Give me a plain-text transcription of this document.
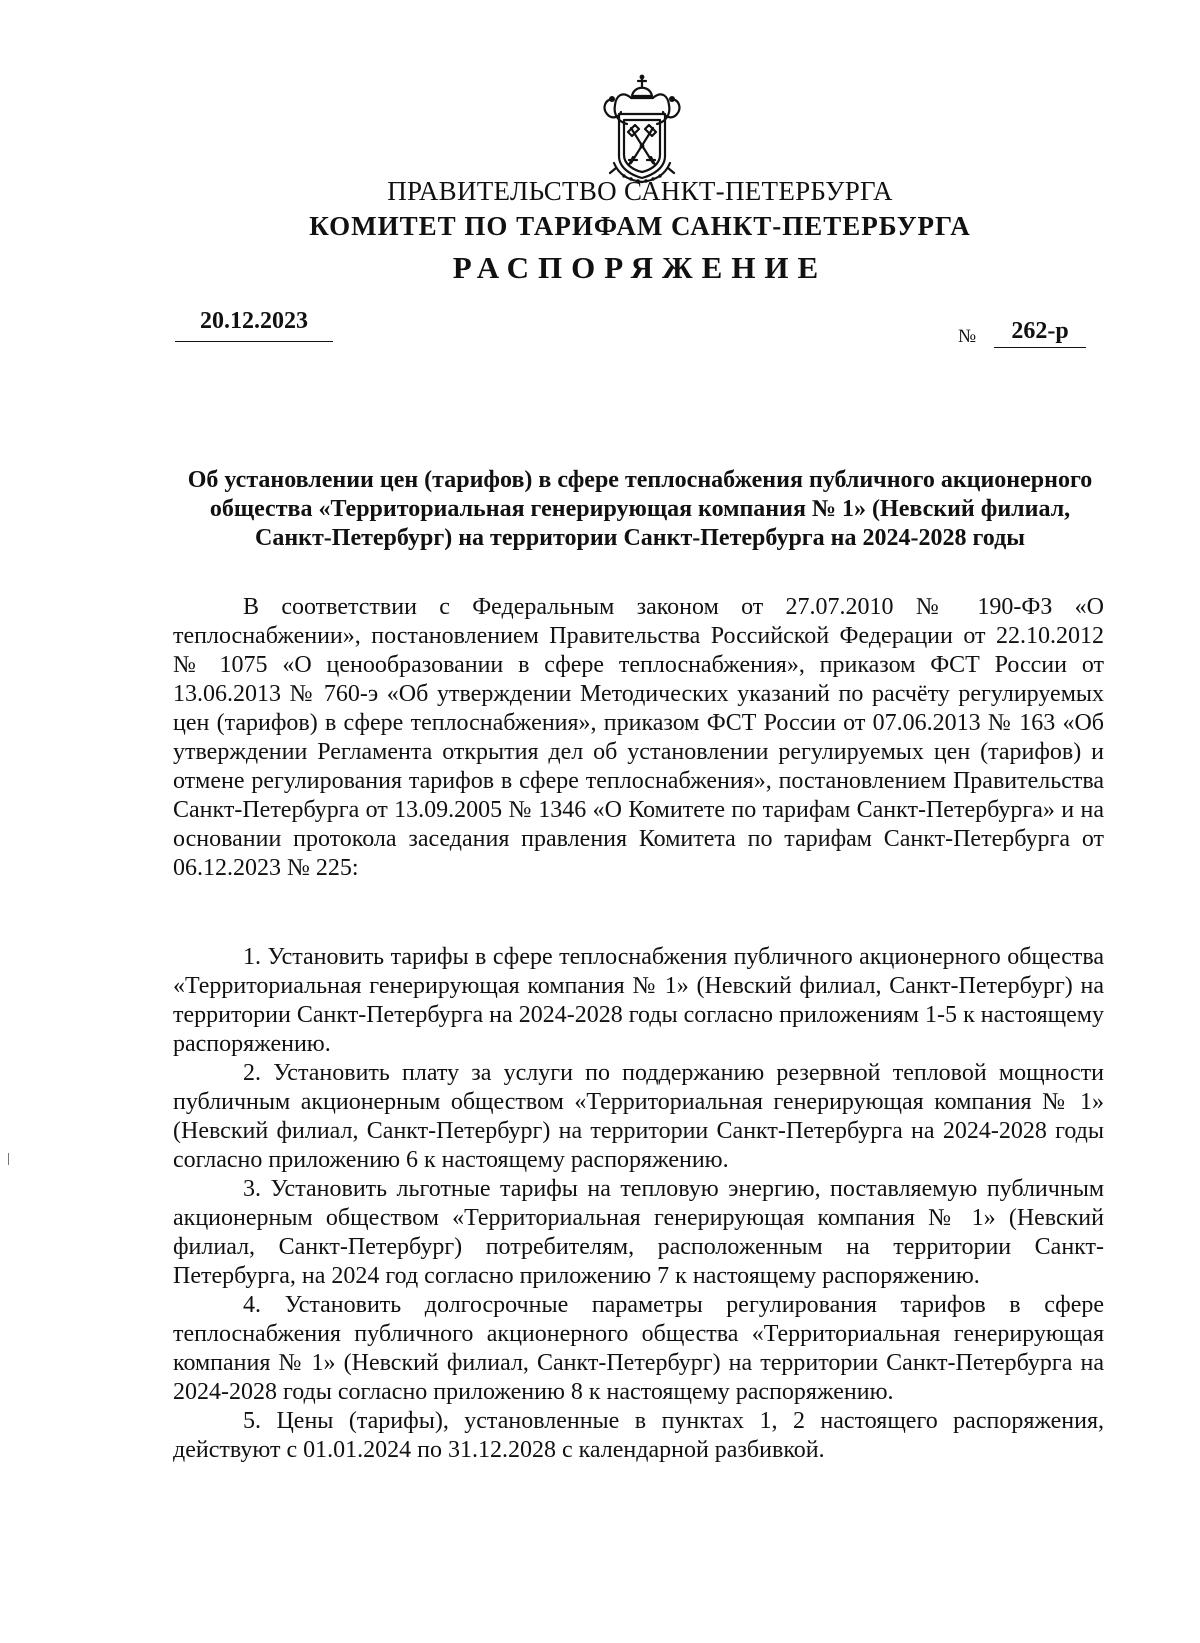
ПРАВИТЕЛЬСТВО САНКТ-ПЕТЕРБУРГА
КОМИТЕТ ПО ТАРИФАМ САНКТ-ПЕТЕРБУРГА
РАСПОРЯЖЕНИЕ
20.12.2023
№	262-р
Об установлении цен (тарифов) в сфере теплоснабжения публичного акционерного общества «Территориальная генерирующая компания № 1» (Невский филиал, Санкт-Петербург) на территории Санкт-Петербурга на 2024-2028 годы

В соответствии с Федеральным законом от 27.07.2010 № 190-ФЗ «О теплоснабжении», постановлением Правительства Российской Федерации от 22.10.2012 № 1075 «О ценообразовании в сфере теплоснабжения», приказом ФСТ России от 13.06.2013 № 760-э «Об утверждении Методических указаний по расчёту регулируемых цен (тарифов) в сфере теплоснабжения», приказом ФСТ России от 07.06.2013 № 163 «Об утверждении Регламента открытия дел об установлении регулируемых цен (тарифов) и отмене регулирования тарифов в сфере теплоснабжения», постановлением Правительства Санкт-Петербурга от 13.09.2005 № 1346 «О Комитете по тарифам Санкт-Петербурга» и на основании протокола заседания правления Комитета по тарифам Санкт-Петербурга от 06.12.2023 № 225:

1. Установить тарифы в сфере теплоснабжения публичного акционерного общества «Территориальная генерирующая компания № 1» (Невский филиал, Санкт-Петербург) на территории Санкт-Петербурга на 2024-2028 годы согласно приложениям 1-5 к настоящему распоряжению.
2. Установить плату за услуги по поддержанию резервной тепловой мощности публичным акционерным обществом «Территориальная генерирующая компания № 1» (Невский филиал, Санкт-Петербург) на территории Санкт-Петербурга на 2024-2028 годы согласно приложению 6 к настоящему распоряжению.
3. Установить льготные тарифы на тепловую энергию, поставляемую публичным акционерным обществом «Территориальная генерирующая компания № 1» (Невский филиал, Санкт-Петербург) потребителям, расположенным на территории Санкт-Петербурга, на 2024 год согласно приложению 7 к настоящему распоряжению.
4. Установить долгосрочные параметры регулирования тарифов в сфере теплоснабжения публичного акционерного общества «Территориальная генерирующая компания № 1» (Невский филиал, Санкт-Петербург) на территории Санкт-Петербурга на 2024-2028 годы согласно приложению 8 к настоящему распоряжению.
5. Цены (тарифы), установленные в пунктах 1, 2 настоящего распоряжения, действуют с 01.01.2024 по 31.12.2028 с календарной разбивкой.
